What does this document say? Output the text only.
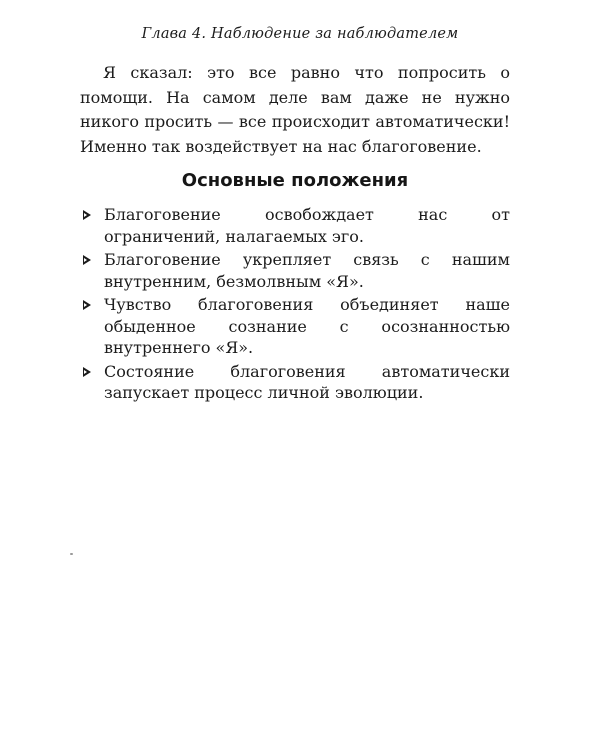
Глава 4. Наблюдение за наблюдателем

Я сказал: это все равно что попросить о помощи. На самом деле вам даже не нужно никого просить — все происходит автоматически! Именно так воздействует на нас благоговение.

Основные положения
Благоговение освобождает нас от ограничений, налагаемых эго.
Благоговение укрепляет связь с нашим внутренним, безмолвным «Я».
Чувство благоговения объединяет наше обыденное сознание с осознанностью внутреннего «Я».
Состояние благоговения автоматически запускает процесс личной эволюции.
